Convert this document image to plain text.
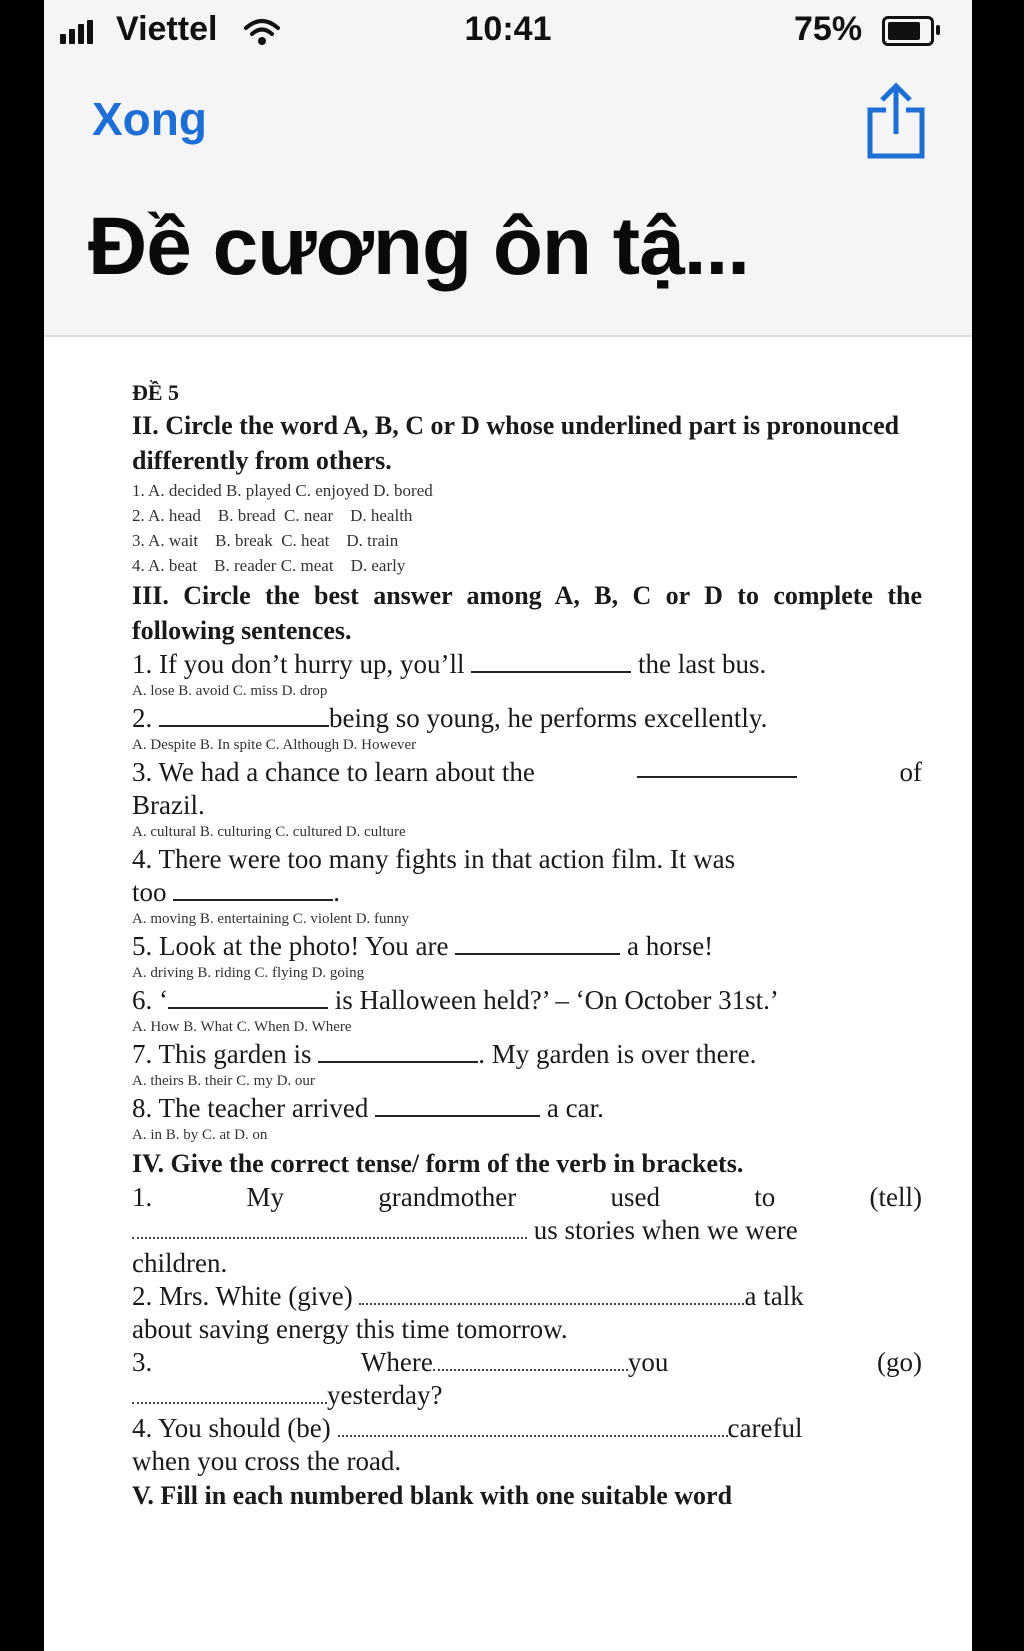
Viettel	10:41	75%
Xong
Đề cương ôn tậ...
ĐỀ 5
II. Circle the word A, B, C or D whose underlined part is pronounced differently from others.
1. A. decided B. played C. enjoyed D. bored
2. A. head    B. bread  C. near    D. health
3. A. wait    B. break  C. heat    D. train
4. A. beat    B. reader C. meat    D. early
III. Circle the best answer among A, B, C or D to complete the following sentences.
1. If you don’t hurry up, you’ll	the last bus.
A. lose B. avoid C. miss D. drop
2.	being so young, he performs excellently.
A. Despite B. In spite C. Although D. However
3. We had a chance to learn about the	of
Brazil.
A. cultural B. culturing C. cultured D. culture
4. There were too many fights in that action film. It was
too	.
A. moving B. entertaining C. violent D. funny
5. Look at the photo! You are	a horse!
A. driving B. riding C. flying D. going
6. ‘	is Halloween held?’ – ‘On October 31st.’
A. How B. What C. When D. Where
7. This garden is	. My garden is over there.
A. theirs B. their C. my D. our
8. The teacher arrived	a car.
A. in B. by C. at D. on
IV. Give the correct tense/ form of the verb in brackets.
1.	My	grandmother	used	to	(tell)
us stories when we were
children.
2. Mrs. White (give)	a talk
about saving energy this time tomorrow.
3.	Where	you	(go)
yesterday?
4. You should (be)	careful
when you cross the road.
V. Fill in each numbered blank with one suitable word
